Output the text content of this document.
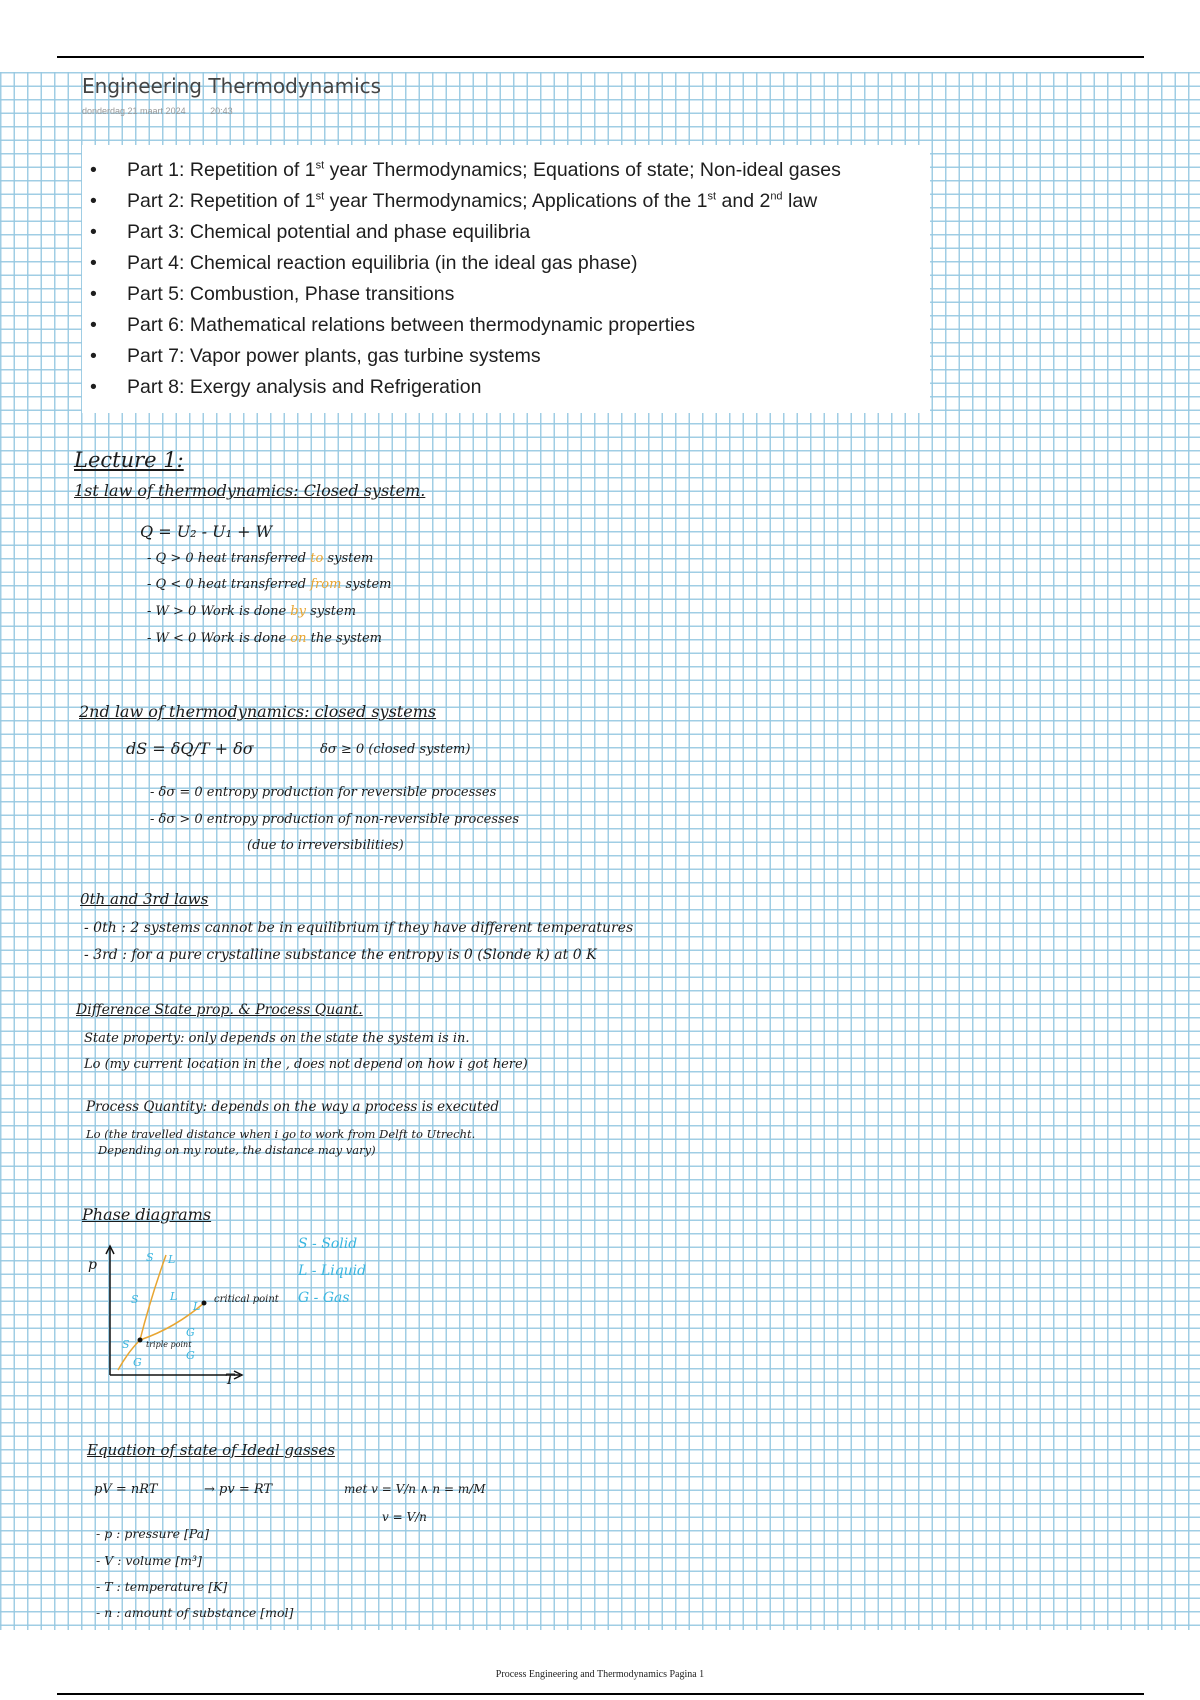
Engineering Thermodynamics
donderdag 21 maart 2024	20:43
• Part 1: Repetition of 1st year Thermodynamics; Equations of state; Non-ideal gases
• Part 2: Repetition of 1st year Thermodynamics; Applications of the 1st and 2nd law
• Part 3: Chemical potential and phase equilibria
• Part 4: Chemical reaction equilibria (in the ideal gas phase)
• Part 5: Combustion, Phase transitions
• Part 6: Mathematical relations between thermodynamic properties
• Part 7: Vapor power plants, gas turbine systems
• Part 8: Exergy analysis and Refrigeration
Lecture 1:
1st law of thermodynamics: Closed system.
Q = U₂ - U₁ + W
- Q > 0 heat transferred to system
- Q < 0 heat transferred from system
- W > 0 Work is done by system
- W < 0 Work is done on the system
2nd law of thermodynamics: closed systems
dS = δQ/T + δσ	δσ ≥ 0 (closed system)
- δσ = 0 entropy production for reversible processes
- δσ > 0 entropy production of non-reversible processes
(due to irreversibilities)
0th and 3rd laws
- 0th : 2 systems cannot be in equilibrium if they have different temperatures
- 3rd : for a pure crystalline substance the entropy is 0 (Slonde k) at 0 K
Difference State prop. & Process Quant.
State property: only depends on the state the system is in.
Lo (my current location in the , does not depend on how i got here)
Process Quantity: depends on the way a process is executed
Lo (the travelled distance when i go to work from Delft to Utrecht.
Depending on my route, the distance may vary)
Phase diagrams
p
T
critical point
triple point
S L
S	L
L
G
S
G
G
S - Solid
L - Liquid
G - Gas
Equation of state of Ideal gasses
pV = nRT	→ pv = RT	met v = V/n ∧ n = m/M
v = V/n
- p : pressure [Pa]
- V : volume [m³]
- T : temperature [K]
- n : amount of substance [mol]
Process Engineering and Thermodynamics Pagina 1
